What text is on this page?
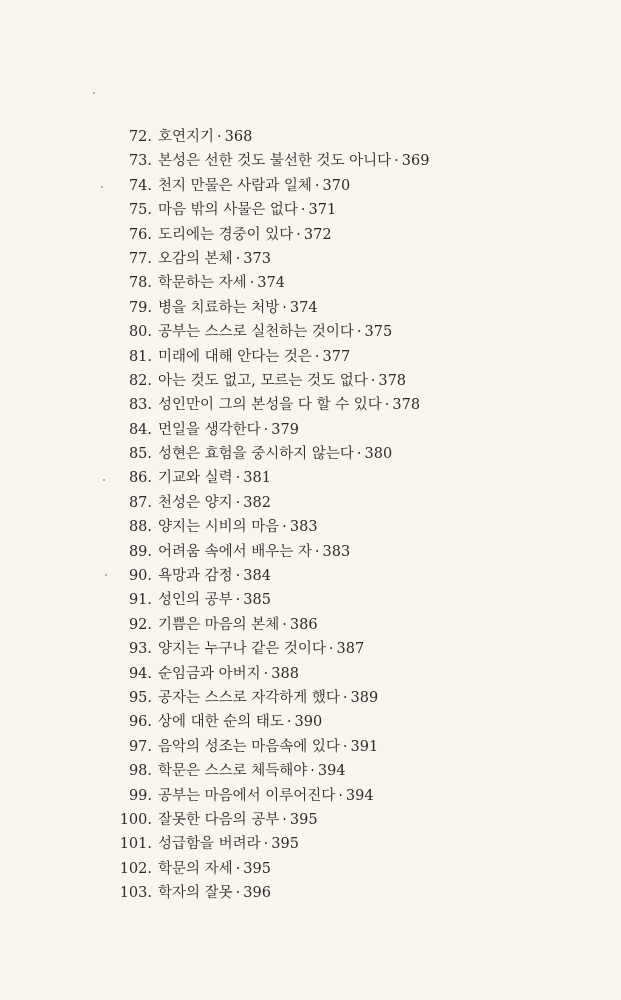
72. 호연지기 · 368
73. 본성은 선한 것도 불선한 것도 아니다 · 369
74. 천지 만물은 사람과 일체 · 370
75. 마음 밖의 사물은 없다 · 371
76. 도리에는 경중이 있다 · 372
77. 오감의 본체 · 373
78. 학문하는 자세 · 374
79. 병을 치료하는 처방 · 374
80. 공부는 스스로 실천하는 것이다 · 375
81. 미래에 대해 안다는 것은 · 377
82. 아는 것도 없고, 모르는 것도 없다 · 378
83. 성인만이 그의 본성을 다 할 수 있다 · 378
84. 먼일을 생각한다 · 379
85. 성현은 효험을 중시하지 않는다 · 380
86. 기교와 실력 · 381
87. 천성은 양지 · 382
88. 양지는 시비의 마음 · 383
89. 어려움 속에서 배우는 자 · 383
90. 욕망과 감정 · 384
91. 성인의 공부 · 385
92. 기쁨은 마음의 본체 · 386
93. 양지는 누구나 같은 것이다 · 387
94. 순임금과 아버지 · 388
95. 공자는 스스로 자각하게 했다 · 389
96. 상에 대한 순의 태도 · 390
97. 음악의 성조는 마음속에 있다 · 391
98. 학문은 스스로 체득해야 · 394
99. 공부는 마음에서 이루어진다 · 394
100. 잘못한 다음의 공부 · 395
101. 성급함을 버려라 · 395
102. 학문의 자세 · 395
103. 학자의 잘못 · 396
